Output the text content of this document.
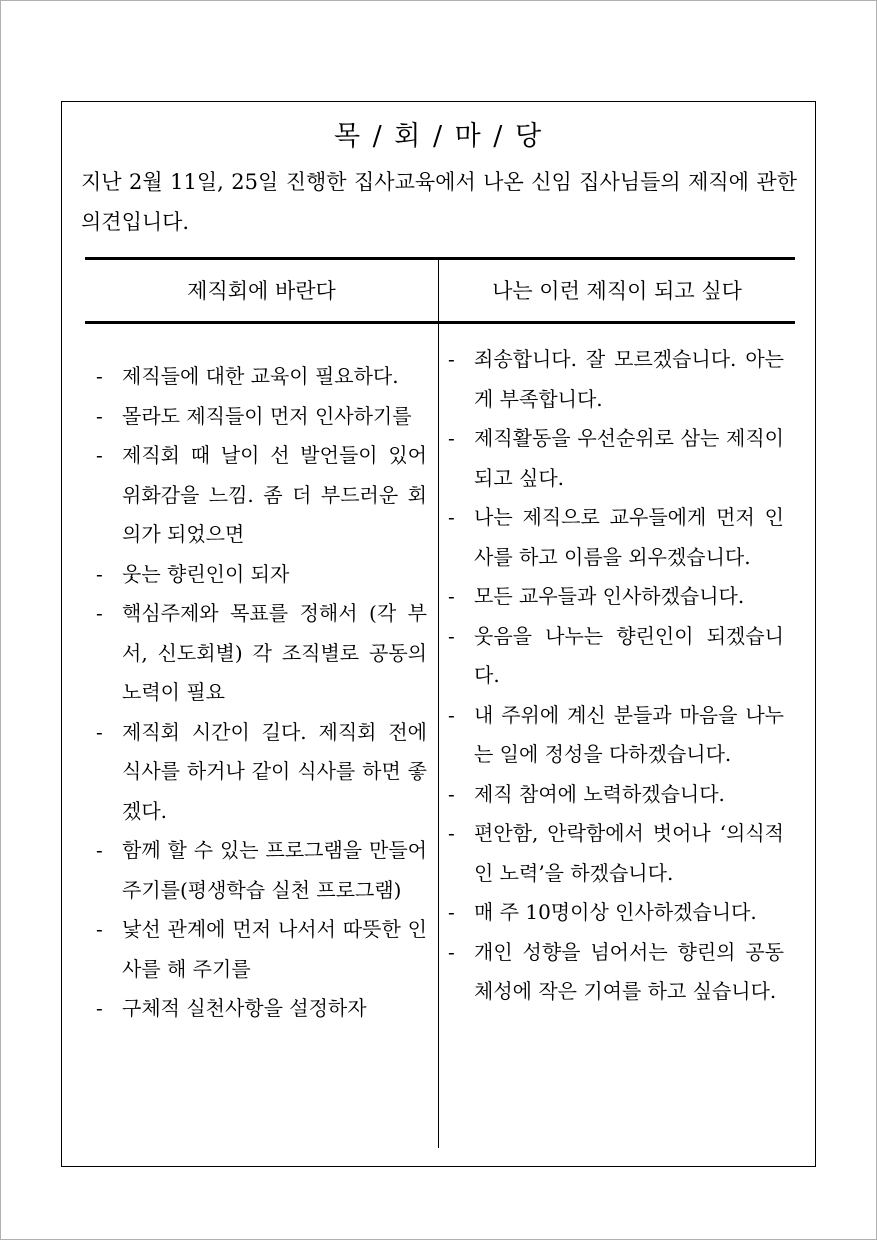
목 / 회 / 마 / 당
지난 2월 11일, 25일 진행한 집사교육에서 나온 신임 집사님들의 제직에 관한 의견입니다.
제직회에 바란다	나는 이런 제직이 되고 싶다
- 제직들에 대한 교육이 필요하다.
- 몰라도 제직들이 먼저 인사하기를
- 제직회 때 날이 선 발언들이 있어 위화감을 느낌. 좀 더 부드러운 회의가 되었으면
- 웃는 향린인이 되자
- 핵심주제와 목표를 정해서 (각 부서, 신도회별) 각 조직별로 공동의 노력이 필요
- 제직회 시간이 길다. 제직회 전에 식사를 하거나 같이 식사를 하면 좋겠다.
- 함께 할 수 있는 프로그램을 만들어주기를(평생학습 실천 프로그램)
- 낯선 관계에 먼저 나서서 따뜻한 인사를 해 주기를
- 구체적 실천사항을 설정하자
- 죄송합니다. 잘 모르겠습니다. 아는 게 부족합니다.
- 제직활동을 우선순위로 삼는 제직이 되고 싶다.
- 나는 제직으로 교우들에게 먼저 인사를 하고 이름을 외우겠습니다.
- 모든 교우들과 인사하겠습니다.
- 웃음을 나누는 향린인이 되겠습니다.
- 내 주위에 계신 분들과 마음을 나누는 일에 정성을 다하겠습니다.
- 제직 참여에 노력하겠습니다.
- 편안함, 안락함에서 벗어나 ‘의식적인 노력’을 하겠습니다.
- 매 주 10명이상 인사하겠습니다.
- 개인 성향을 넘어서는 향린의 공동체성에 작은 기여를 하고 싶습니다.
